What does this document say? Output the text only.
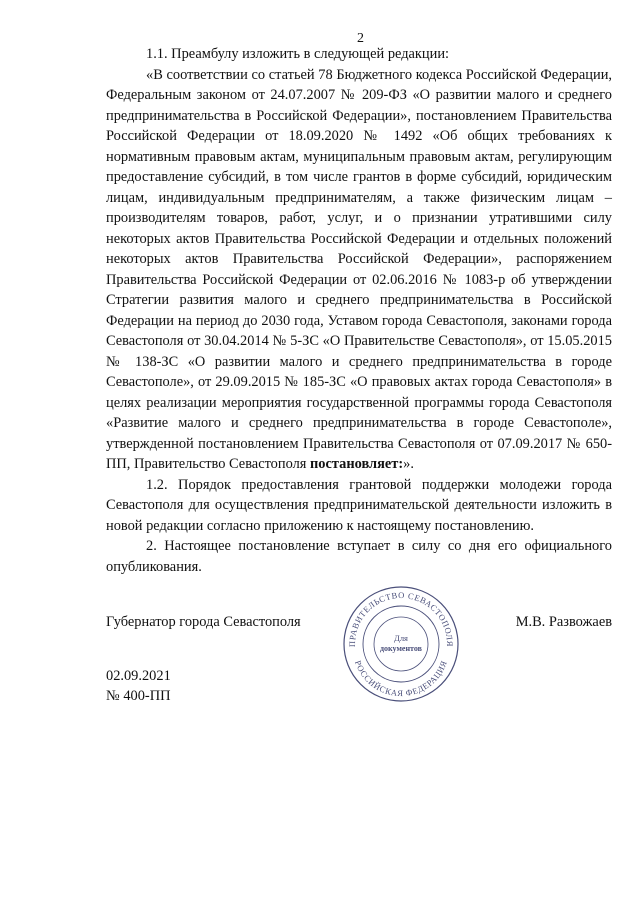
2

1.1. Преамбулу изложить в следующей редакции:

«В соответствии со статьей 78 Бюджетного кодекса Российской Федерации, Федеральным законом от 24.07.2007 № 209-ФЗ «О развитии малого и среднего предпринимательства в Российской Федерации», постановлением Правительства Российской Федерации от 18.09.2020 № 1492 «Об общих требованиях к нормативным правовым актам, муниципальным правовым актам, регулирующим предоставление субсидий, в том числе грантов в форме субсидий, юридическим лицам, индивидуальным предпринимателям, а также физическим лицам – производителям товаров, работ, услуг, и о признании утратившими силу некоторых актов Правительства Российской Федерации и отдельных положений некоторых актов Правительства Российской Федерации», распоряжением Правительства Российской Федерации от 02.06.2016 № 1083-р об утверждении Стратегии развития малого и среднего предпринимательства в Российской Федерации на период до 2030 года, Уставом города Севастополя, законами города Севастополя от 30.04.2014 № 5-ЗС «О Правительстве Севастополя», от 15.05.2015 № 138-ЗС «О развитии малого и среднего предпринимательства в городе Севастополе», от 29.09.2015 № 185-ЗС «О правовых актах города Севастополя» в целях реализации мероприятия государственной программы города Севастополя «Развитие малого и среднего предпринимательства в городе Севастополе», утвержденной постановлением Правительства Севастополя от 07.09.2017 № 650-ПП, Правительство Севастополя постановляет:».

1.2. Порядок предоставления грантовой поддержки молодежи города Севастополя для осуществления предпринимательской деятельности изложить в новой редакции согласно приложению к настоящему постановлению.

2. Настоящее постановление вступает в силу со дня его официального опубликования.

Губернатор города Севастополя	М.В. Развожаев
ПРАВИТЕЛЬСТВО СЕВАСТОПОЛЯ
РОССИЙСКАЯ ФЕДЕРАЦИЯ
Для
документов
02.09.2021
№ 400-ПП
